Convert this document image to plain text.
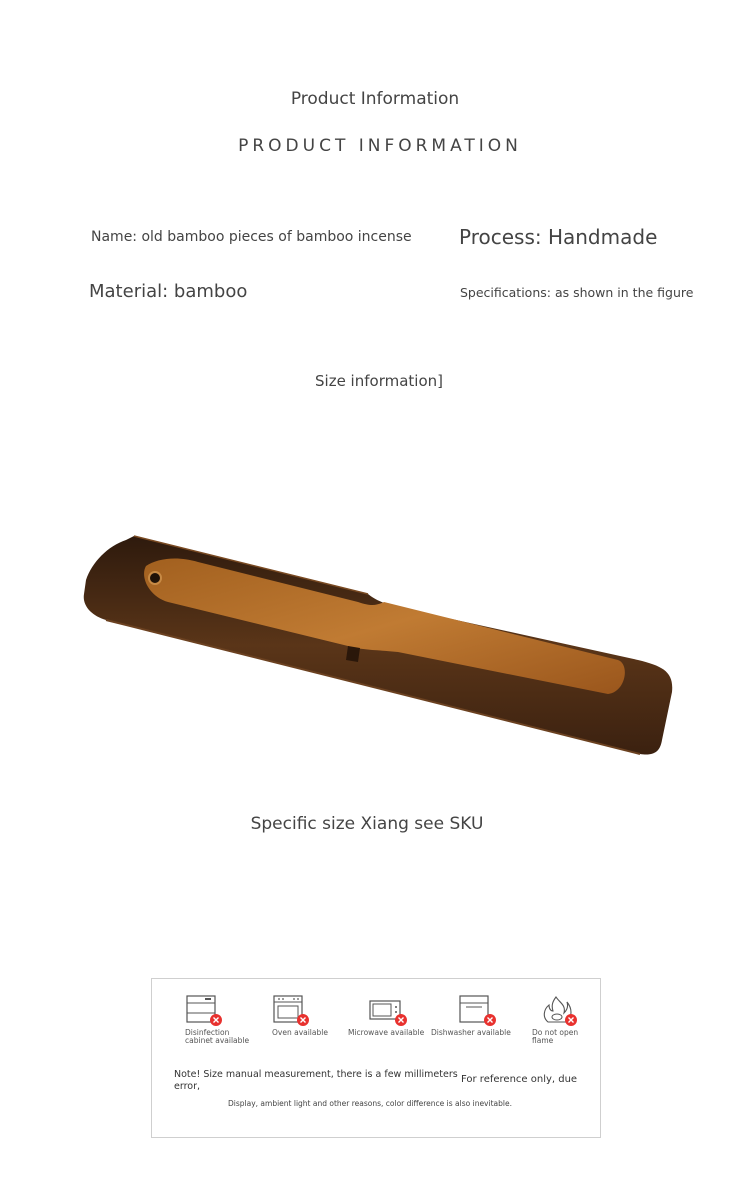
Product Information
PRODUCT INFORMATION
Name: old bamboo pieces of bamboo incense Process: Handmade
Material: bamboo	Specifications: as shown in the figure
Size information]
Specific size Xiang see SKU
Disinfection cabinet available
Oven available	Microwave available Dishwasher available	Do not open flame
Note! Size manual measurement, there is a few millimeters error,
For reference only, due
Display, ambient light and other reasons, color difference is also inevitable.
